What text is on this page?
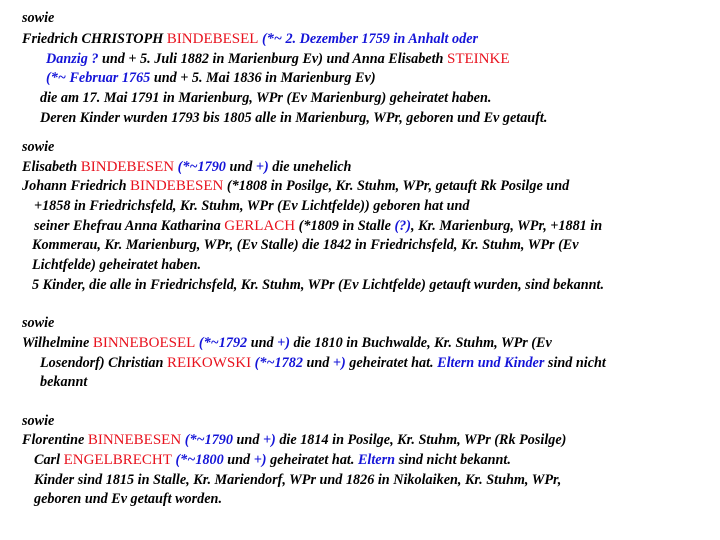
sowie
Friedrich CHRISTOPH BINDEBESEL (*~ 2. Dezember 1759 in Anhalt oder
Danzig ? und + 5. Juli 1882 in Marienburg Ev) und Anna Elisabeth STEINKE
(*~ Februar 1765 und + 5. Mai 1836 in Marienburg Ev)
die am 17. Mai 1791 in Marienburg, WPr (Ev Marienburg) geheiratet haben.
Deren Kinder wurden 1793 bis 1805 alle in Marienburg, WPr, geboren und Ev getauft.
sowie
Elisabeth BINDEBESEN (*~1790 und +) die unehelich
Johann Friedrich BINDEBESEN (*1808 in Posilge, Kr. Stuhm, WPr, getauft Rk Posilge und
+1858 in Friedrichsfeld, Kr. Stuhm, WPr (Ev Lichtfelde)) geboren hat und
seiner Ehefrau Anna Katharina GERLACH (*1809 in Stalle (?), Kr. Marienburg, WPr, +1881 in
Kommerau, Kr. Marienburg, WPr, (Ev Stalle) die 1842 in Friedrichsfeld, Kr. Stuhm, WPr (Ev
Lichtfelde) geheiratet haben.
5 Kinder, die alle in Friedrichsfeld, Kr. Stuhm, WPr (Ev Lichtfelde) getauft wurden, sind bekannt.
sowie
Wilhelmine BINNEBOESEL (*~1792 und +) die 1810 in Buchwalde, Kr. Stuhm, WPr (Ev
Losendorf) Christian REIKOWSKI (*~1782 und +) geheiratet hat. Eltern und Kinder sind nicht
bekannt
sowie
Florentine BINNEBESEN (*~1790 und +) die 1814 in Posilge, Kr. Stuhm, WPr (Rk Posilge)
Carl ENGELBRECHT (*~1800 und +) geheiratet hat. Eltern sind nicht bekannt.
Kinder sind 1815 in Stalle, Kr. Mariendorf, WPr und 1826 in Nikolaiken, Kr. Stuhm, WPr,
geboren und Ev getauft worden.
